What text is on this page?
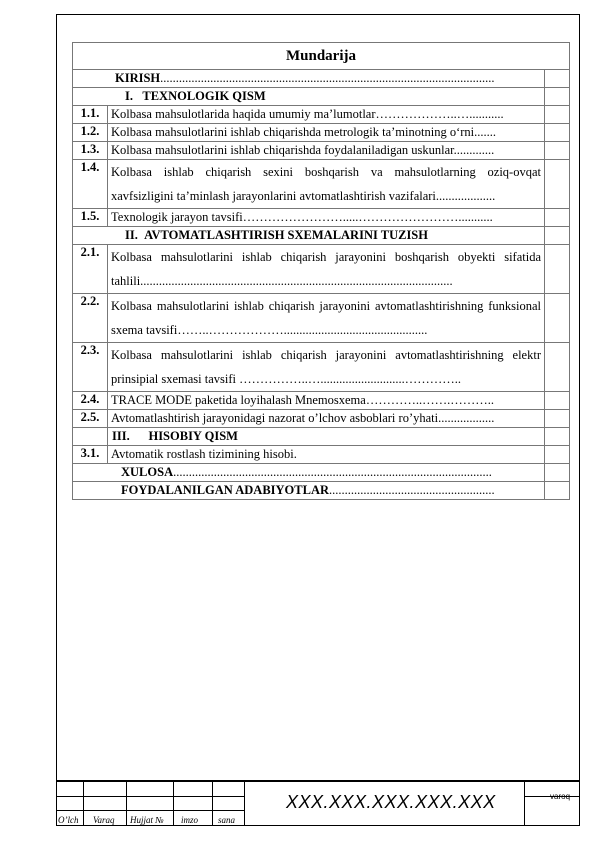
Mundarija		
KIRISH...........................................................................................................		
I.   TEXNOLOGIK QISM		
1.1.	Kolbasa mahsulotlarida haqida umumiy ma’lumotlar………………..…...........	
1.2.	Kolbasa mahsulotlarini ishlab chiqarishda metrologik ta’minotning o‘rni.......	
1.3.	Kolbasa mahsulotlarini ishlab chiqarishda foydalaniladigan uskunlar.............	
1.4.	Kolbasa ishlab chiqarish sexini boshqarish va mahsulotlarning oziq-ovqat xavfsizligini ta’minlash jarayonlarini avtomatlashtirish vazifalari...................	
1.5.	Texnologik jarayon tavsifi…………………….....……………………...........	
II.  AVTOMATLASHTIRISH SXEMALARINI TUZISH		
2.1.	Kolbasa mahsulotlarini ishlab chiqarish jarayonini boshqarish obyekti sifatida tahlili....................................................................................................	
2.2.	Kolbasa mahsulotlarini ishlab chiqarish jarayonini avtomatlashtirishning funksional sxema tavsifi……..………………..............................................	
2.3.	Kolbasa mahsulotlarini ishlab chiqarish jarayonini avtomatlashtirishning elektr prinsipial sxemasi tavsifi ……………..…...........................…………..	
2.4.	TRACE MODE paketida loyihalash Mnemosxema…………..…….………..	
2.5.	Avtomatlashtirish jarayonidagi nazorat o’lchov asboblari ro’yhati..................	
	III.      HISOBIY QISM	
3.1.	Avtomatik rostlash tizimining hisobi.	
XULOSA......................................................................................................		
FOYDALANILGAN ADABIYOTLAR.....................................................		
O’lch Varaq Hujjat № imzo sana
XXX.XXX.XXX.XXX.XXX	varoq
